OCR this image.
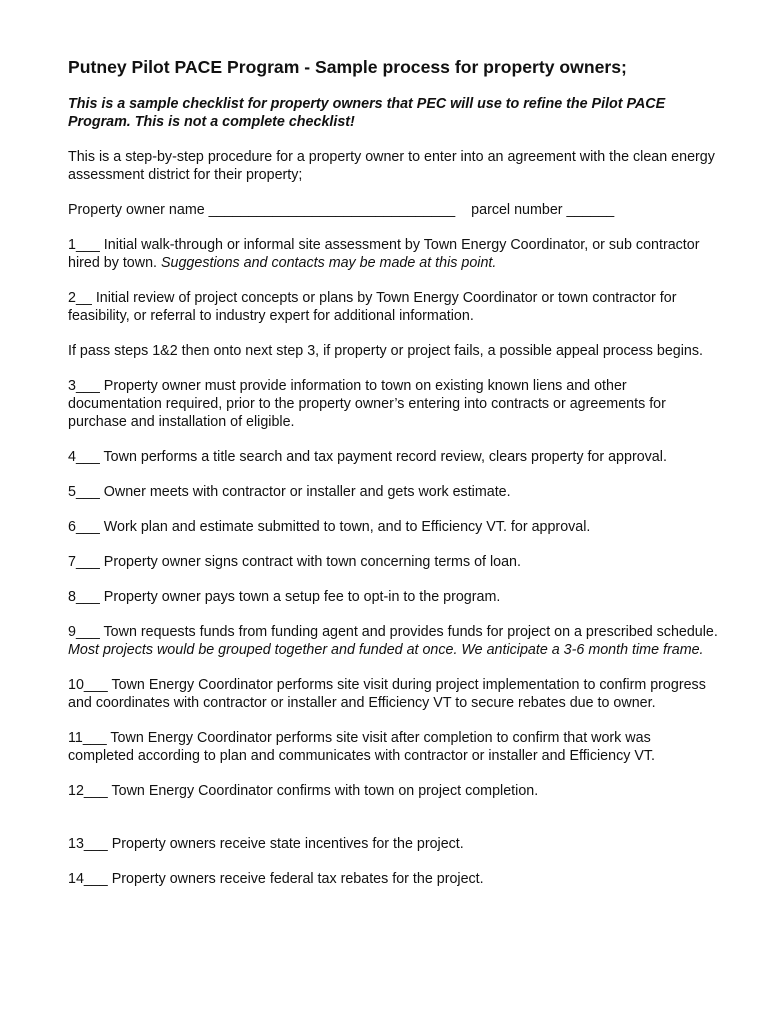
Putney Pilot PACE Program - Sample process for property owners;
This is a sample checklist for property owners that PEC will use to refine the Pilot PACE Program. This is not a complete checklist!

This is a step-by-step procedure for a property owner to enter into an agreement with the clean energy assessment district for their property;

Property owner name _______________________________ parcel number ______

1___ Initial walk-through or informal site assessment by Town Energy Coordinator, or sub contractor hired by town. Suggestions and contacts may be made at this point.

2__ Initial review of project concepts or plans by Town Energy Coordinator or town contractor for feasibility, or referral to industry expert for additional information.

If pass steps 1&2 then onto next step 3, if property or project fails, a possible appeal process begins.

3___ Property owner must provide information to town on existing known liens and other documentation required, prior to the property owner’s entering into contracts or agreements for purchase and installation of eligible.

4___ Town performs a title search and tax payment record review, clears property for approval.

5___ Owner meets with contractor or installer and gets work estimate.

6___ Work plan and estimate submitted to town, and to Efficiency VT. for approval.

7___ Property owner signs contract with town concerning terms of loan.

8___ Property owner pays town a setup fee to opt-in to the program.

9___ Town requests funds from funding agent and provides funds for project on a prescribed schedule. Most projects would be grouped together and funded at once. We anticipate a 3-6 month time frame.

10___ Town Energy Coordinator performs site visit during project implementation to confirm progress and coordinates with contractor or installer and Efficiency VT to secure rebates due to owner.

11___ Town Energy Coordinator performs site visit after completion to confirm that work was completed according to plan and communicates with contractor or installer and Efficiency VT.

12___ Town Energy Coordinator confirms with town on project completion.

13___ Property owners receive state incentives for the project.

14___ Property owners receive federal tax rebates for the project.
